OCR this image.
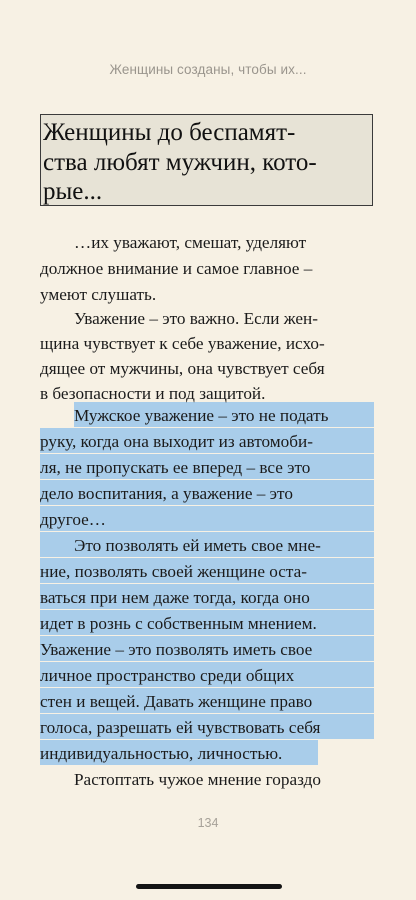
Женщины созданы, чтобы их...
Женщины до беспамят-
ства любят мужчин, кото-
рые...
…их уважают, смешат, уделяют
должное внимание и самое главное –
умеют слушать.
Уважение – это важно. Если жен-
щина чувствует к себе уважение, исхо-
дящее от мужчины, она чувствует себя
в безопасности и под защитой.
Мужское уважение – это не подать
руку, когда она выходит из автомоби-
ля, не пропускать ее вперед – все это
дело воспитания, а уважение – это
другое…
Это позволять ей иметь свое мне-
ние, позволять своей женщине оста-
ваться при нем даже тогда, когда оно
идет в рознь с собственным мнением.
Уважение – это позволять иметь свое
личное пространство среди общих
стен и вещей. Давать женщине право
голоса, разрешать ей чувствовать себя
индивидуальностью, личностью.
Растоптать чужое мнение гораздо
134
